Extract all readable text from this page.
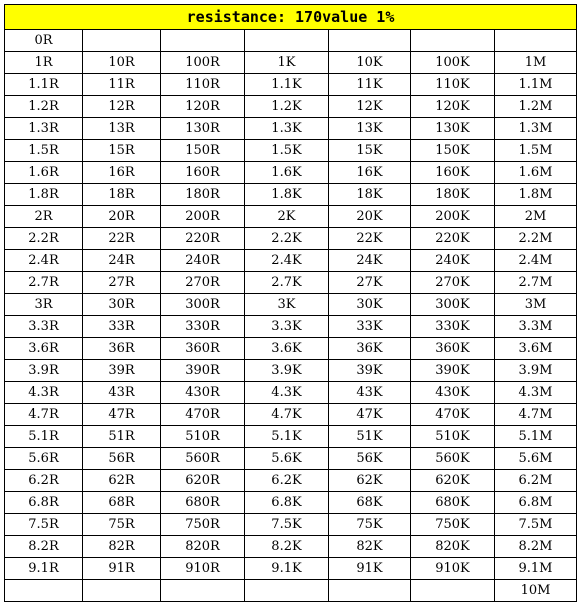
resistance: 170value 1%						
0R						
1R	10R	100R	1K	10K	100K	1M
1.1R	11R	110R	1.1K	11K	110K	1.1M
1.2R	12R	120R	1.2K	12K	120K	1.2M
1.3R	13R	130R	1.3K	13K	130K	1.3M
1.5R	15R	150R	1.5K	15K	150K	1.5M
1.6R	16R	160R	1.6K	16K	160K	1.6M
1.8R	18R	180R	1.8K	18K	180K	1.8M
2R	20R	200R	2K	20K	200K	2M
2.2R	22R	220R	2.2K	22K	220K	2.2M
2.4R	24R	240R	2.4K	24K	240K	2.4M
2.7R	27R	270R	2.7K	27K	270K	2.7M
3R	30R	300R	3K	30K	300K	3M
3.3R	33R	330R	3.3K	33K	330K	3.3M
3.6R	36R	360R	3.6K	36K	360K	3.6M
3.9R	39R	390R	3.9K	39K	390K	3.9M
4.3R	43R	430R	4.3K	43K	430K	4.3M
4.7R	47R	470R	4.7K	47K	470K	4.7M
5.1R	51R	510R	5.1K	51K	510K	5.1M
5.6R	56R	560R	5.6K	56K	560K	5.6M
6.2R	62R	620R	6.2K	62K	620K	6.2M
6.8R	68R	680R	6.8K	68K	680K	6.8M
7.5R	75R	750R	7.5K	75K	750K	7.5M
8.2R	82R	820R	8.2K	82K	820K	8.2M
9.1R	91R	910R	9.1K	91K	910K	9.1M
						10M
